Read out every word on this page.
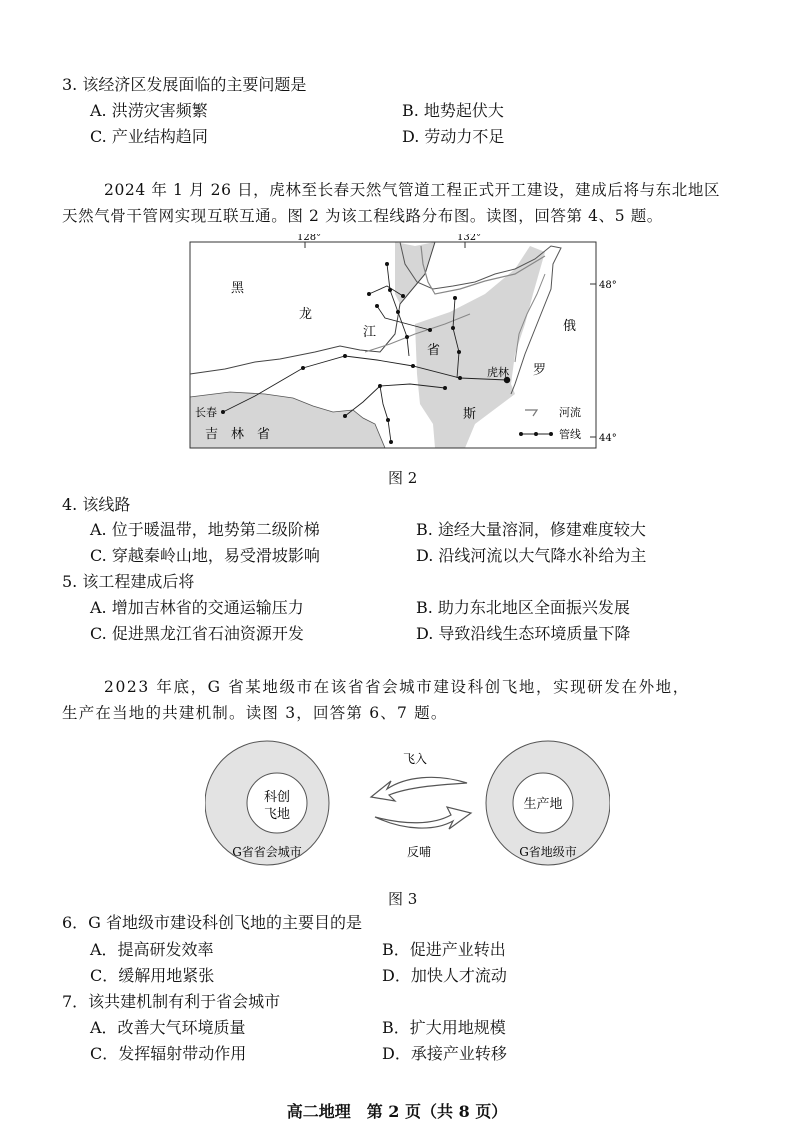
3. 该经济区发展面临的主要问题是
A. 洪涝灾害频繁	B. 地势起伏大
C. 产业结构趋同	D. 劳动力不足
2024 年 1 月 26 日，虎林至长春天然气管道工程正式开工建设，建成后将与东北地区
天然气骨干管网实现互联互通。图 2 为该工程线路分布图。读图，回答第 4、5 题。
128°	132°
48°
44°
黑
龙
江
省
俄
罗
斯
虎林
长春
吉　林　省
河流
管线
图 2
4. 该线路
A. 位于暖温带，地势第二级阶梯	B. 途经大量溶洞，修建难度较大
C. 穿越秦岭山地，易受滑坡影响	D. 沿线河流以大气降水补给为主
5. 该工程建成后将
A. 增加吉林省的交通运输压力	B. 助力东北地区全面振兴发展
C. 促进黑龙江省石油资源开发	D. 导致沿线生态环境质量下降
2023 年底，G 省某地级市在该省省会城市建设科创飞地，实现研发在外地，
生产在当地的共建机制。读图 3，回答第 6、7 题。
科创
飞地
G省省会城市
生产地
G省地级市
飞入
反哺
图 3
6．G 省地级市建设科创飞地的主要目的是
A．提高研发效率	B．促进产业转出
C．缓解用地紧张	D．加快人才流动
7．该共建机制有利于省会城市
A．改善大气环境质量	B．扩大用地规模
C．发挥辐射带动作用	D．承接产业转移
高二地理　第 2 页（共 8 页）
